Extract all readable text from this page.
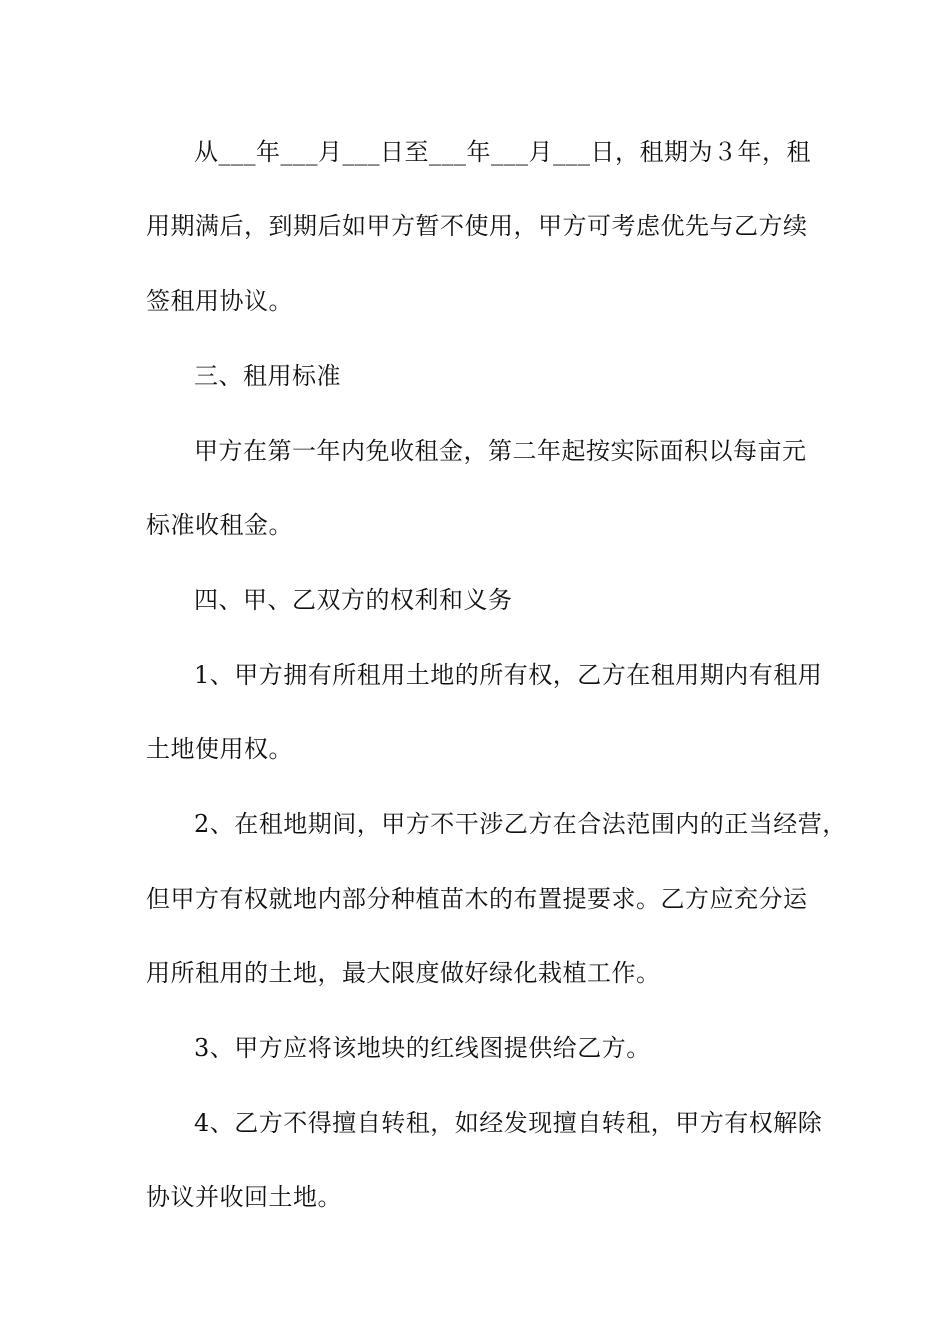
从___年___月___日至___年___月___日，租期为３年，租
用期满后，到期后如甲方暂不使用，甲方可考虑优先与乙方续
签租用协议。
三、租用标准
甲方在第一年内免收租金，第二年起按实际面积以每亩元
标准收租金。
四、甲、乙双方的权利和义务
1、甲方拥有所租用土地的所有权，乙方在租用期内有租用
土地使用权。
2、在租地期间，甲方不干涉乙方在合法范围内的正当经营，
但甲方有权就地内部分种植苗木的布置提要求。乙方应充分运
用所租用的土地，最大限度做好绿化栽植工作。
3、甲方应将该地块的红线图提供给乙方。
4、乙方不得擅自转租，如经发现擅自转租，甲方有权解除
协议并收回土地。
